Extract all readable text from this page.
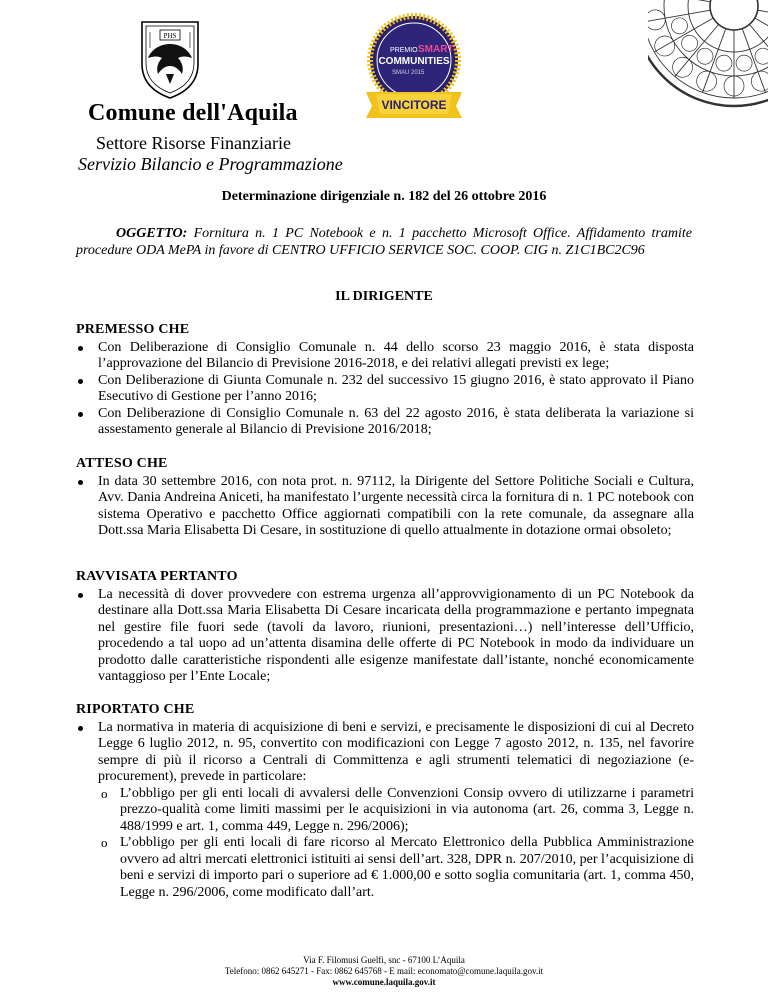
PHS
PREMIO SMART
COMMUNITIES
SMAU 2015
VINCITORE
Comune dell'Aquila
Settore Risorse Finanziarie
Servizio Bilancio e Programmazione
Determinazione dirigenziale n. 182 del 26 ottobre 2016
OGGETTO: Fornitura n. 1 PC Notebook e n. 1 pacchetto Microsoft Office. Affidamento tramite procedure ODA MePA in favore di CENTRO UFFICIO SERVICE SOC. COOP. CIG n. Z1C1BC2C96
IL DIRIGENTE
PREMESSO CHE
Con Deliberazione di Consiglio Comunale n. 44 dello scorso 23 maggio 2016, è stata disposta l’approvazione del Bilancio di Previsione 2016-2018, e dei relativi allegati previsti ex lege;
Con Deliberazione di Giunta Comunale n. 232 del successivo 15 giugno 2016, è stato approvato il Piano Esecutivo di Gestione per l’anno 2016;
Con Deliberazione di Consiglio Comunale n. 63 del 22 agosto 2016, è stata deliberata la variazione si assestamento generale al Bilancio di Previsione 2016/2018;
ATTESO CHE
In data 30 settembre 2016, con nota prot. n. 97112, la Dirigente del Settore Politiche Sociali e Cultura, Avv. Dania Andreina Aniceti, ha manifestato l’urgente necessità circa la fornitura di n. 1 PC notebook con sistema Operativo e pacchetto Office aggiornati compatibili con la rete comunale, da assegnare alla Dott.ssa Maria Elisabetta Di Cesare, in sostituzione di quello attualmente in dotazione ormai obsoleto;
RAVVISATA PERTANTO
La necessità di dover provvedere con estrema urgenza all’approvvigionamento di un PC Notebook da destinare alla Dott.ssa Maria Elisabetta Di Cesare incaricata della programmazione e pertanto impegnata nel gestire file fuori sede (tavoli da lavoro, riunioni, presentazioni…) nell’interesse dell’Ufficio, procedendo a tal uopo ad un’attenta disamina delle offerte di PC Notebook in modo da individuare un prodotto dalle caratteristiche rispondenti alle esigenze manifestate dall’istante, nonché economicamente vantaggioso per l’Ente Locale;
RIPORTATO CHE
La normativa in materia di acquisizione di beni e servizi, e precisamente le disposizioni di cui al Decreto Legge 6 luglio 2012, n. 95, convertito con modificazioni con Legge 7 agosto 2012, n. 135, nel favorire sempre di più il ricorso a Centrali di Committenza e agli strumenti telematici di negoziazione (e-procurement), prevede in particolare:
o L’obbligo per gli enti locali di avvalersi delle Convenzioni Consip ovvero di utilizzarne i parametri prezzo-qualità come limiti massimi per le acquisizioni in via autonoma (art. 26, comma 3, Legge n. 488/1999 e art. 1, comma 449, Legge n. 296/2006);
o L’obbligo per gli enti locali di fare ricorso al Mercato Elettronico della Pubblica Amministrazione ovvero ad altri mercati elettronici istituiti ai sensi dell’art. 328, DPR n. 207/2010, per l’acquisizione di beni e servizi di importo pari o superiore ad € 1.000,00 e sotto soglia comunitaria (art. 1, comma 450, Legge n. 296/2006, come modificato dall’art.
Via F. Filomusi Guelfi, snc - 67100 L’Aquila
Telefono: 0862 645271 - Fax: 0862 645768 - E mail: economato@comune.laquila.gov.it
www.comune.laquila.gov.it
